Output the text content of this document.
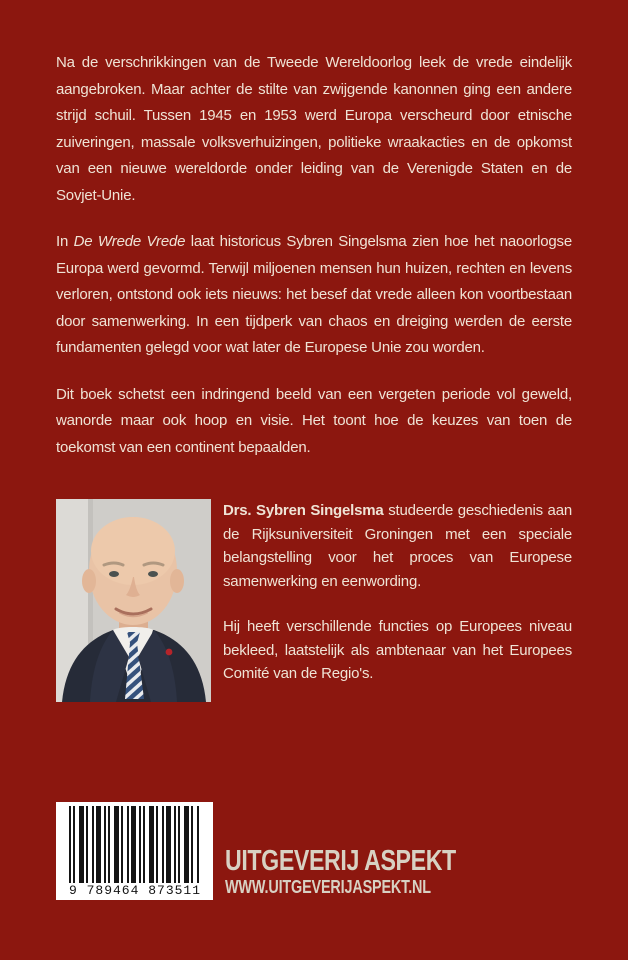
Na de verschrikkingen van de Tweede Wereldoorlog leek de vrede eindelijk aangebroken. Maar achter de stilte van zwijgende kanonnen ging een andere strijd schuil. Tussen 1945 en 1953 werd Europa verscheurd door etnische zuiveringen, massale volksverhuizingen, politieke wraakacties en de opkomst van een nieuwe wereldorde onder leiding van de Verenigde Staten en de Sovjet-Unie.

In De Wrede Vrede laat historicus Sybren Singelsma zien hoe het naoorlogse Europa werd gevormd. Terwijl miljoenen mensen hun huizen, rechten en levens verloren, ontstond ook iets nieuws: het besef dat vrede alleen kon voortbestaan door samenwerking. In een tijdperk van chaos en dreiging werden de eerste fundamenten gelegd voor wat later de Europese Unie zou worden.

Dit boek schetst een indringend beeld van een vergeten periode vol geweld, wanorde maar ook hoop en visie. Het toont hoe de keuzes van toen de toekomst van een continent bepaalden.

Drs. Sybren Singelsma studeerde geschiedenis aan de Rijksuniversiteit Groningen met een speciale belangstelling voor het proces van Europese samenwerking en eenwording.

Hij heeft verschillende functies op Europees niveau bekleed, laatstelijk als ambtenaar van het Europees Comité van de Regio's.

9 789464 873511
UITGEVERIJ ASPEKT
WWW.UITGEVERIJASPEKT.NL
